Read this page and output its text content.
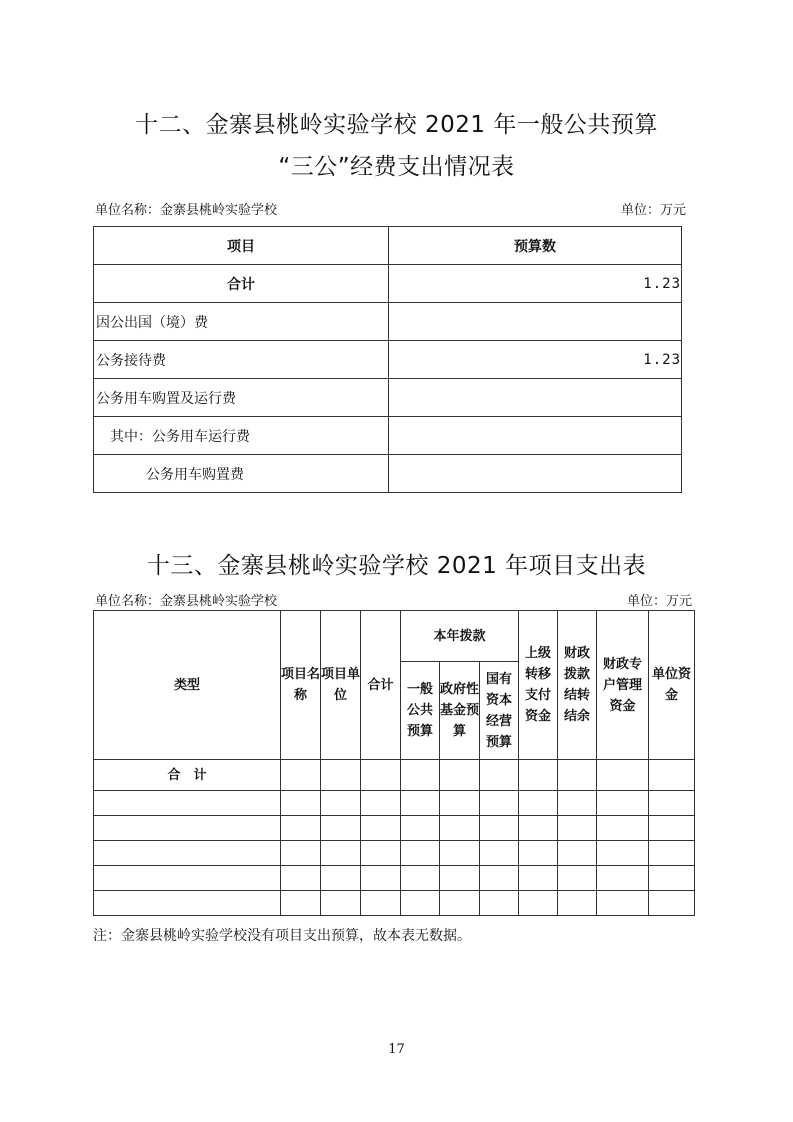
十二、金寨县桃岭实验学校 2021 年一般公共预算
“三公”经费支出情况表
单位名称：金寨县桃岭实验学校	单位：万元
项目	预算数
合计	1.23
因公出国（境）费	
公务接待费	1.23
公务用车购置及运行费	
其中：公务用车运行费	
公务用车购置费	
十三、金寨县桃岭实验学校 2021 年项目支出表
单位名称：金寨县桃岭实验学校	单位：万元
类型	项目名称	项目单位	合计	本年拨款			上级转移支付资金	财政拨款结转结余	财政专户管理资金	单位资金
				一般公共预算	政府性基金预算	国有资本经营预算				
合　计										

注：金寨县桃岭实验学校没有项目支出预算，故本表无数据。
17
